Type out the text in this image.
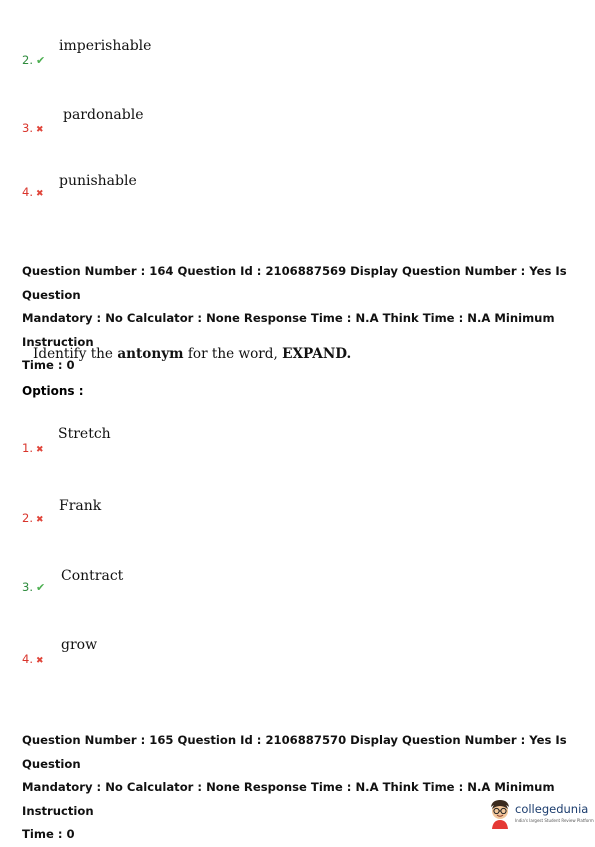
2. ✔
imperishable
3. ✖
pardonable
4. ✖
punishable
Question Number : 164 Question Id : 2106887569 Display Question Number : Yes Is Question
Mandatory : No Calculator : None Response Time : N.A Think Time : N.A Minimum Instruction
Time : 0
Identify the antonym for the word, EXPAND.
Options :
1. ✖
Stretch
2. ✖
Frank
3. ✔
Contract
4. ✖
grow
Question Number : 165 Question Id : 2106887570 Display Question Number : Yes Is Question
Mandatory : No Calculator : None Response Time : N.A Think Time : N.A Minimum Instruction
Time : 0
collegedunia
India's largest Student Review Platform
